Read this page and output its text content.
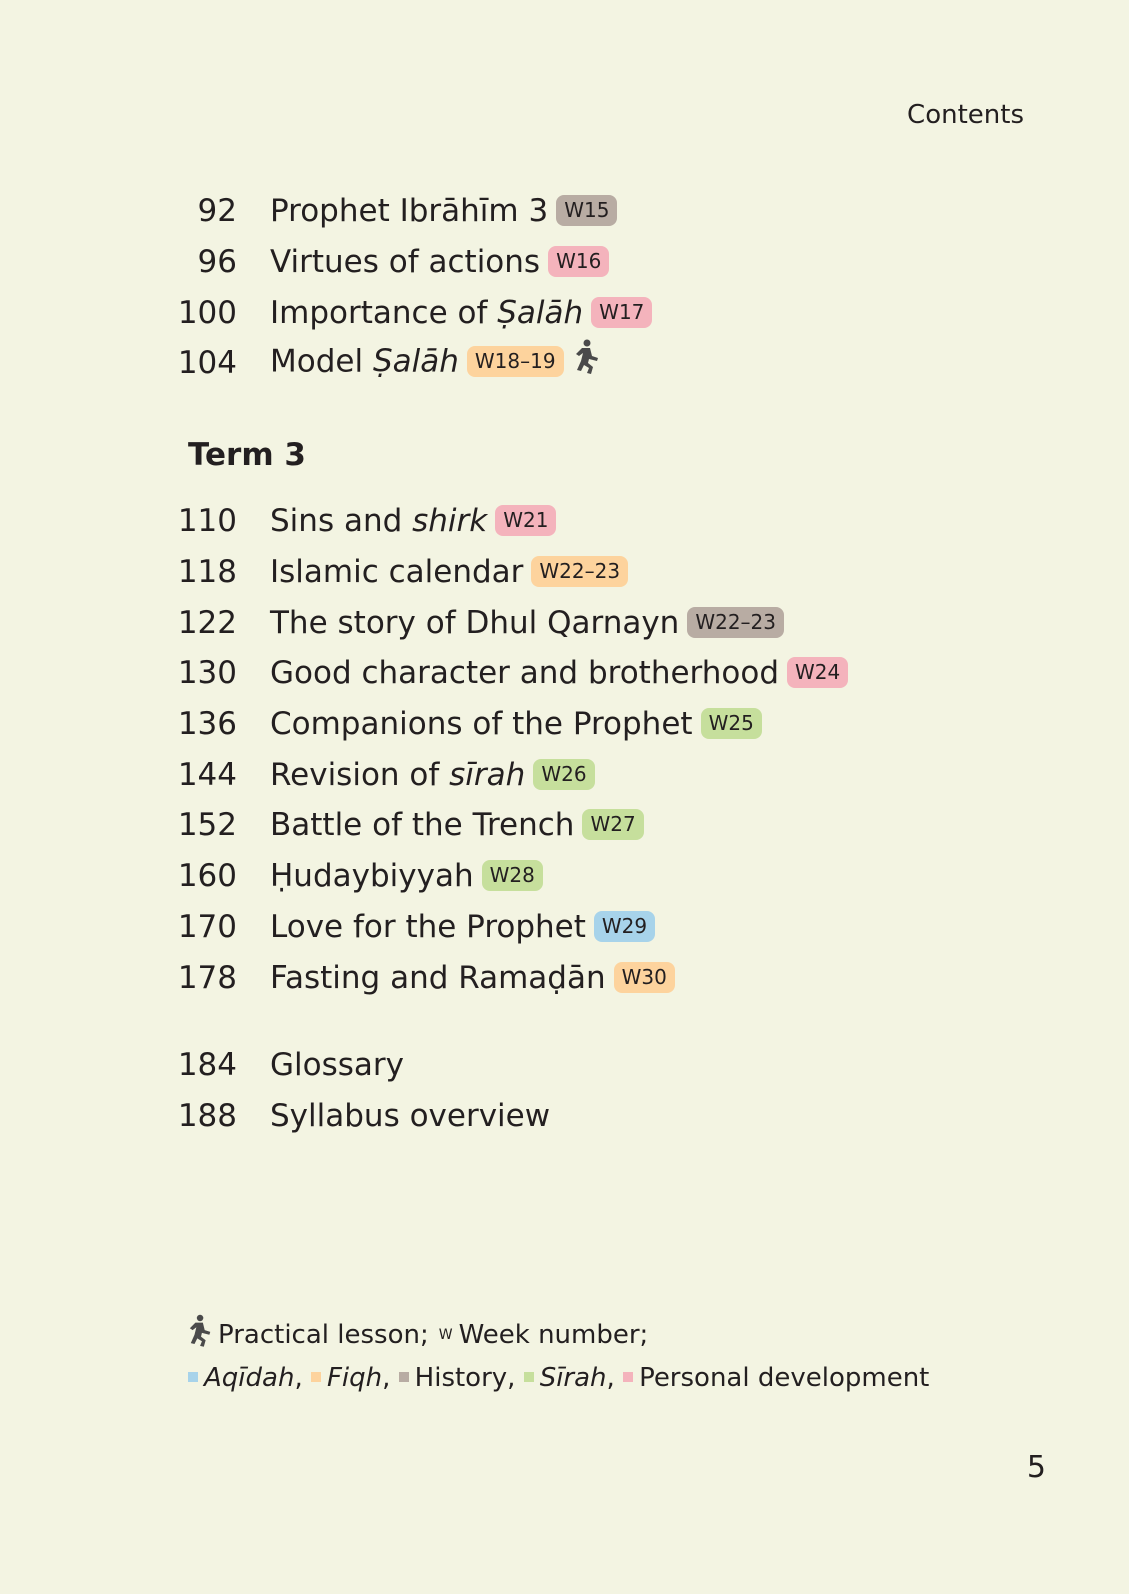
Contents
92 Prophet Ibrāhīm 3 W15
96 Virtues of actions W16
100 Importance of Ṣalāh W17
104 Model Ṣalāh W18–19
Term 3
110 Sins and shirk W21
118 Islamic calendar W22–23
122 The story of Dhul Qarnayn W22–23
130 Good character and brotherhood W24
136 Companions of the Prophet W25
144 Revision of sīrah W26
152 Battle of the Trench W27
160 Ḥudaybiyyah W28
170 Love for the Prophet W29
178 Fasting and Ramaḍān W30
184 Glossary
188 Syllabus overview
Practical lesson; W Week number;
Aqīdah, Fiqh, History, Sīrah, Personal development
5
